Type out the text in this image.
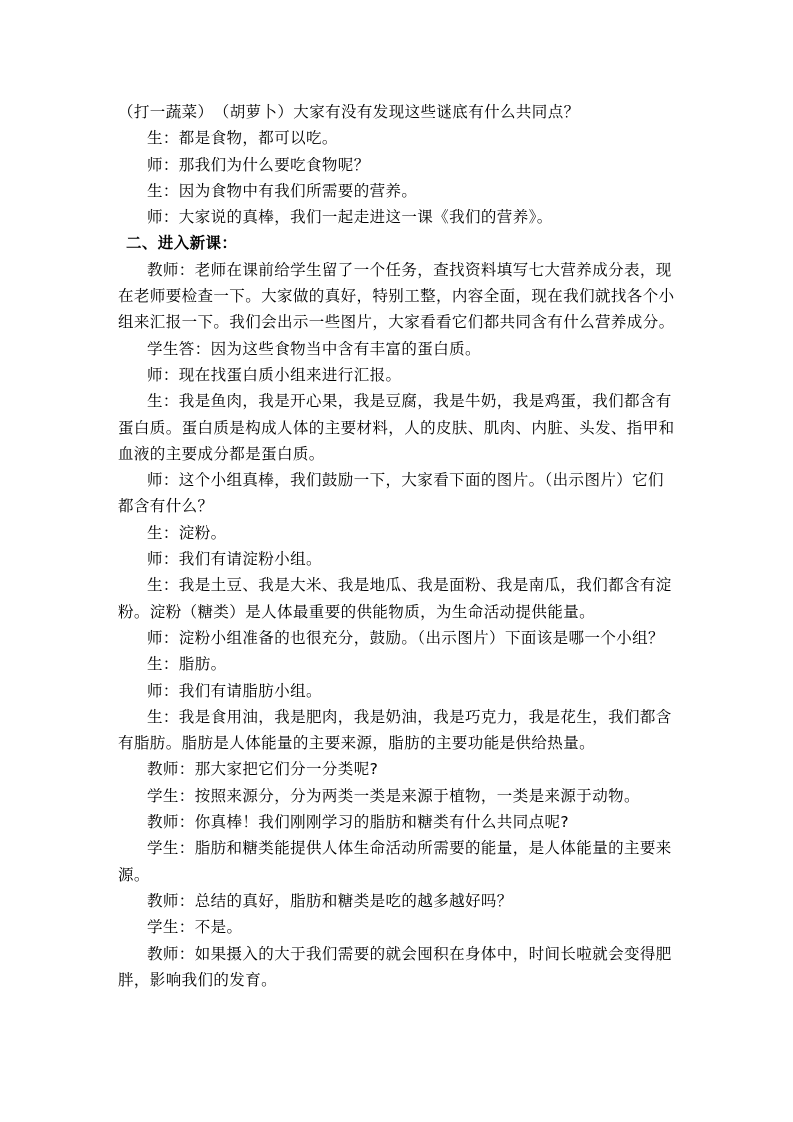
（打一蔬菜）　（胡萝卜）大家有没有发现这些谜底有什么共同点？

生：都是食物，都可以吃。

师：那我们为什么要吃食物呢？

生：因为食物中有我们所需要的营养。

师：大家说的真棒，我们一起走进这一课《我们的营养》。

二、进入新课：

教师：老师在课前给学生留了一个任务，查找资料填写七大营养成分表，现在老师要检查一下。大家做的真好，特别工整，内容全面，现在我们就找各个小组来汇报一下。我们会出示一些图片，大家看看它们都共同含有什么营养成分。

学生答：因为这些食物当中含有丰富的蛋白质。

师：现在找蛋白质小组来进行汇报。

生：我是鱼肉，我是开心果，我是豆腐，我是牛奶，我是鸡蛋，我们都含有蛋白质。蛋白质是构成人体的主要材料，人的皮肤、肌肉、内脏、头发、指甲和血液的主要成分都是蛋白质。

师：这个小组真棒，我们鼓励一下，大家看下面的图片。（出示图片）它们都含有什么？

生：淀粉。

师：我们有请淀粉小组。

生：我是土豆、我是大米、我是地瓜、我是面粉、我是南瓜，我们都含有淀粉。淀粉（糖类）是人体最重要的供能物质，为生命活动提供能量。

师：淀粉小组准备的也很充分，鼓励。（出示图片）下面该是哪一个小组？

生：脂肪。

师：我们有请脂肪小组。

生：我是食用油，我是肥肉，我是奶油，我是巧克力，我是花生，我们都含有脂肪。脂肪是人体能量的主要来源，脂肪的主要功能是供给热量。

教师：那大家把它们分一分类呢?

学生：按照来源分，分为两类一类是来源于植物，一类是来源于动物。

教师：你真棒！我们刚刚学习的脂肪和糖类有什么共同点呢?

学生：脂肪和糖类能提供人体生命活动所需要的能量，是人体能量的主要来源。

教师：总结的真好，脂肪和糖类是吃的越多越好吗？

学生：不是。

教师：如果摄入的大于我们需要的就会囤积在身体中，时间长啦就会变得肥胖，影响我们的发育。
